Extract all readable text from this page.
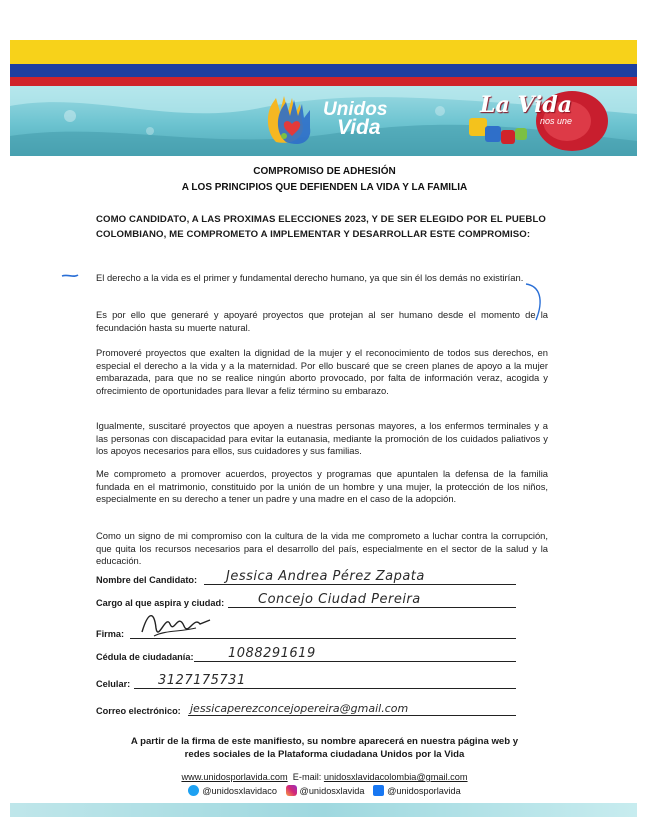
Unidos
Vida
La Vida
nos une
COMPROMISO DE ADHESIÓN
A LOS PRINCIPIOS QUE DEFIENDEN LA VIDA Y LA FAMILIA
COMO CANDIDATO, A LAS PROXIMAS ELECCIONES 2023, Y DE SER ELEGIDO POR EL PUEBLO COLOMBIANO, ME COMPROMETO A IMPLEMENTAR Y DESARROLLAR ESTE COMPROMISO:
El derecho a la vida es el primer y fundamental derecho humano, ya que sin él los demás no existirían.
Es por ello que generaré y apoyaré proyectos que protejan al ser humano desde el momento de la fecundación hasta su muerte natural.
Promoveré proyectos que exalten la dignidad de la mujer y el reconocimiento de todos sus derechos, en especial el derecho a la vida y a la maternidad. Por ello buscaré que se creen planes de apoyo a la mujer embarazada, para que no se realice ningún aborto provocado, por falta de información veraz, acogida y ofrecimiento de oportunidades para llevar a feliz término su embarazo.
Igualmente, suscitaré proyectos que apoyen a nuestras personas mayores, a los enfermos terminales y a las personas con discapacidad para evitar la eutanasia, mediante la promoción de los cuidados paliativos y los apoyos necesarios para ellos, sus cuidadores y sus familias.
Me comprometo a promover acuerdos, proyectos y programas que apuntalen la defensa de la familia fundada en el matrimonio, constituido por la unión de un hombre y una mujer, la protección de los niños, especialmente en su derecho a tener un padre y una madre en el caso de la adopción.
Como un signo de mi compromiso con la cultura de la vida me comprometo a luchar contra la corrupción, que quita los recursos necesarios para el desarrollo del país, especialmente en el sector de la salud y la educación.
Nombre del Candidato: Jessica Andrea Pérez Zapata
Cargo al que aspira y ciudad:	Concejo Ciudad Pereira
Firma:
Cédula de ciudadanía:	1088291619
Celular: 3127175731
Correo electrónico: jessicaperezconcejopereira@gmail.com
A partir de la firma de este manifiesto, su nombre aparecerá en nuestra página web y
redes sociales de la Plataforma ciudadana Unidos por la Vida
www.unidosporlavida.com E-mail: unidosxlavidacolombia@gmail.com
@unidosxlavidaco
@unidosxlavida
@unidosporlavida
